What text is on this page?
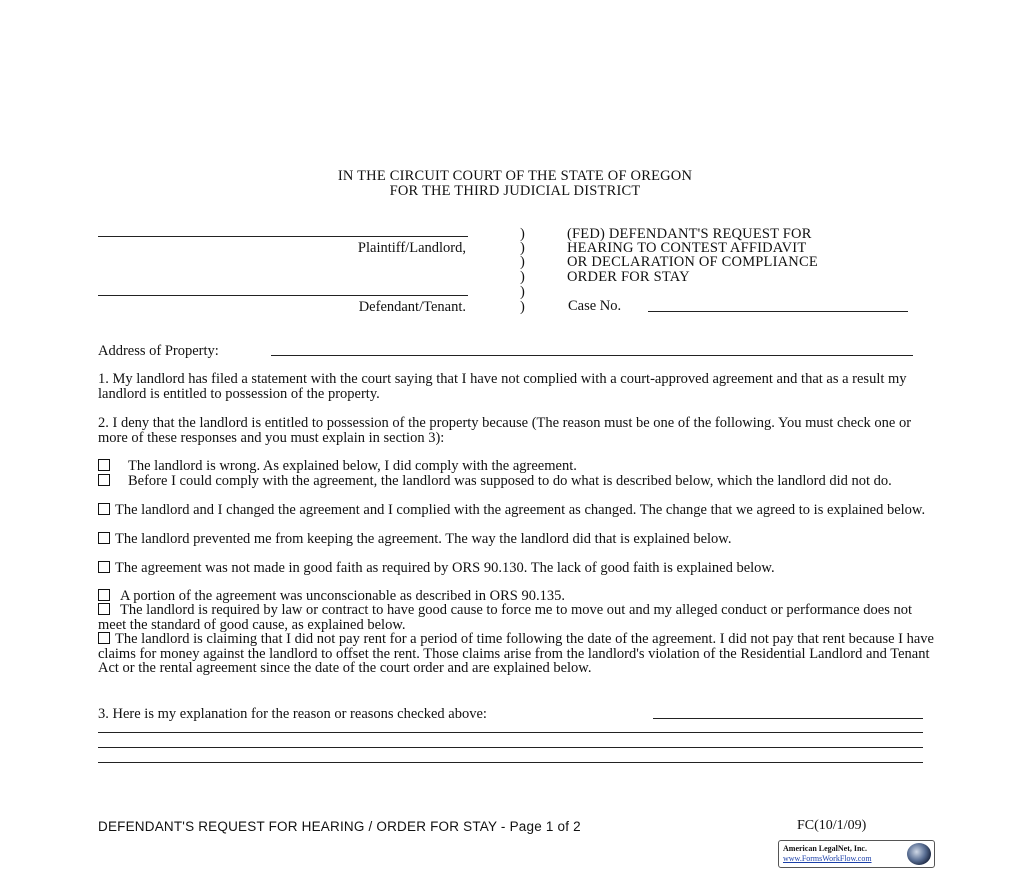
IN THE CIRCUIT COURT OF THE STATE OF OREGON
FOR THE THIRD JUDICIAL DISTRICT
Plaintiff/Landlord,
Defendant/Tenant.
)
)
)
)
)
)
(FED) DEFENDANT'S REQUEST FOR
HEARING TO CONTEST AFFIDAVIT
OR DECLARATION OF COMPLIANCE
ORDER FOR STAY
Case No.
Address of Property:
1. My landlord has filed a statement with the court saying that I have not complied with a court-approved agreement and that as a result my landlord is entitled to possession of the property.
2. I deny that the landlord is entitled to possession of the property because (The reason must be one of the following. You must check one or more of these responses and you must explain in section 3):
The landlord is wrong. As explained below, I did comply with the agreement.
Before I could comply with the agreement, the landlord was supposed to do what is described below, which the landlord did not do.
The landlord and I changed the agreement and I complied with the agreement as changed. The change that we agreed to is explained below.
The landlord prevented me from keeping the agreement. The way the landlord did that is explained below.
The agreement was not made in good faith as required by ORS 90.130. The lack of good faith is explained below.
A portion of the agreement was unconscionable as described in ORS 90.135.
The landlord is required by law or contract to have good cause to force me to move out and my alleged conduct or performance does not meet the standard of good cause, as explained below.
The landlord is claiming that I did not pay rent for a period of time following the date of the agreement. I did not pay that rent because I have claims for money against the landlord to offset the rent. Those claims arise from the landlord's violation of the Residential Landlord and Tenant Act or the rental agreement since the date of the court order and are explained below.
3. Here is my explanation for the reason or reasons checked above:
DEFENDANT'S REQUEST FOR HEARING / ORDER FOR STAY - Page 1 of 2	FC(10/1/09)
American LegalNet, Inc.
www.FormsWorkFlow.com
